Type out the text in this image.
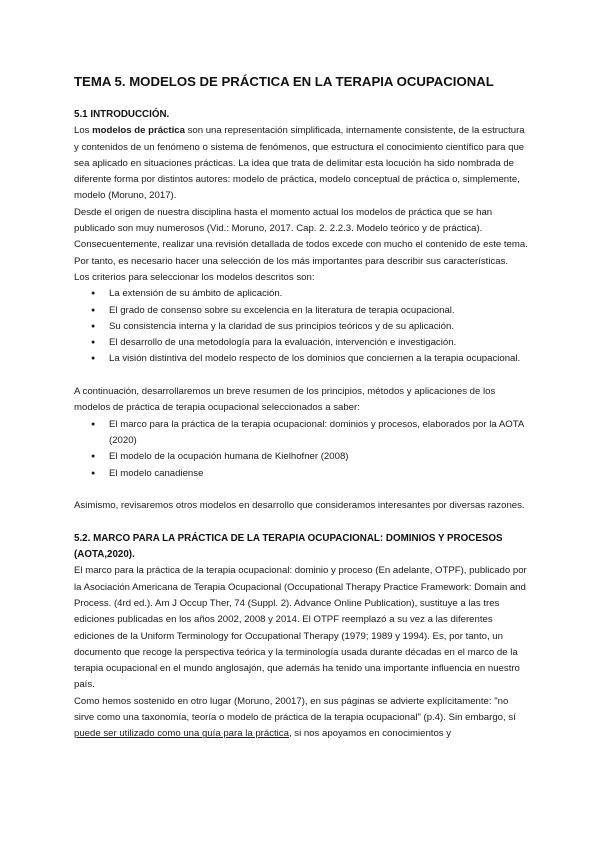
TEMA 5. MODELOS DE PRÁCTICA EN LA TERAPIA OCUPACIONAL
5.1 INTRODUCCIÓN.

Los modelos de práctica son una representación simplificada, internamente consistente, de la estructura y contenidos de un fenómeno o sistema de fenómenos, que estructura el conocimiento científico para que sea aplicado en situaciones prácticas. La idea que trata de delimitar esta locución ha sido nombrada de diferente forma por distintos autores: modelo de práctica, modelo conceptual de práctica o, simplemente, modelo (Moruno, 2017).

Desde el origen de nuestra disciplina hasta el momento actual los modelos de práctica que se han publicado son muy numerosos (Vid.: Moruno, 2017. Cap. 2. 2.2.3. Modelo teórico y de práctica).

Consecuentemente, realizar una revisión detallada de todos excede con mucho el contenido de este tema. Por tanto, es necesario hacer una selección de los más importantes para describir sus características.

Los criterios para seleccionar los modelos descritos son:

● La extensión de su ámbito de aplicación.
● El grado de consenso sobre su excelencia en la literatura de terapia ocupacional.
● Su consistencia interna y la claridad de sus principios teóricos y de su aplicación.
● El desarrollo de una metodología para la evaluación, intervención e investigación.
● La visión distintiva del modelo respecto de los dominios que conciernen a la terapia ocupacional.

A continuación, desarrollaremos un breve resumen de los principios, métodos y aplicaciones de los modelos de práctica de terapia ocupacional seleccionados a saber:

● El marco para la práctica de la terapia ocupacional: dominios y procesos, elaborados por la AOTA (2020)
● El modelo de la ocupación humana de Kielhofner (2008)
● El modelo canadiense

Asimismo, revisaremos otros modelos en desarrollo que consideramos interesantes por diversas razones.

5.2. MARCO PARA LA PRÁCTICA DE LA TERAPIA OCUPACIONAL: DOMINIOS Y PROCESOS (AOTA,2020).

El marco para la práctica de la terapia ocupacional: dominio y proceso (En adelante, OTPF), publicado por la Asociación Americana de Terapia Ocupacional (Occupational Therapy Practice Framework: Domain and Process. (4rd ed.). Am J Occup Ther, 74 (Suppl. 2). Advance Online Publication), sustituye a las tres ediciones publicadas en los años 2002, 2008 y 2014. El OTPF reemplazó a su vez a las diferentes ediciones de la Uniform Terminology for Occupational Therapy (1979; 1989 y 1994). Es, por tanto, un documento que recoge la perspectiva teórica y la terminología usada durante décadas en el marco de la terapia ocupacional en el mundo anglosajón, que además ha tenido una importante influencia en nuestro país.

Como hemos sostenido en otro lugar (Moruno, 20017), en sus páginas se advierte explícitamente: "no sirve como una taxonomía, teoría o modelo de práctica de la terapia ocupacional" (p.4). Sin embargo, sí puede ser utilizado como una guía para la práctica, si nos apoyamos en conocimientos y
